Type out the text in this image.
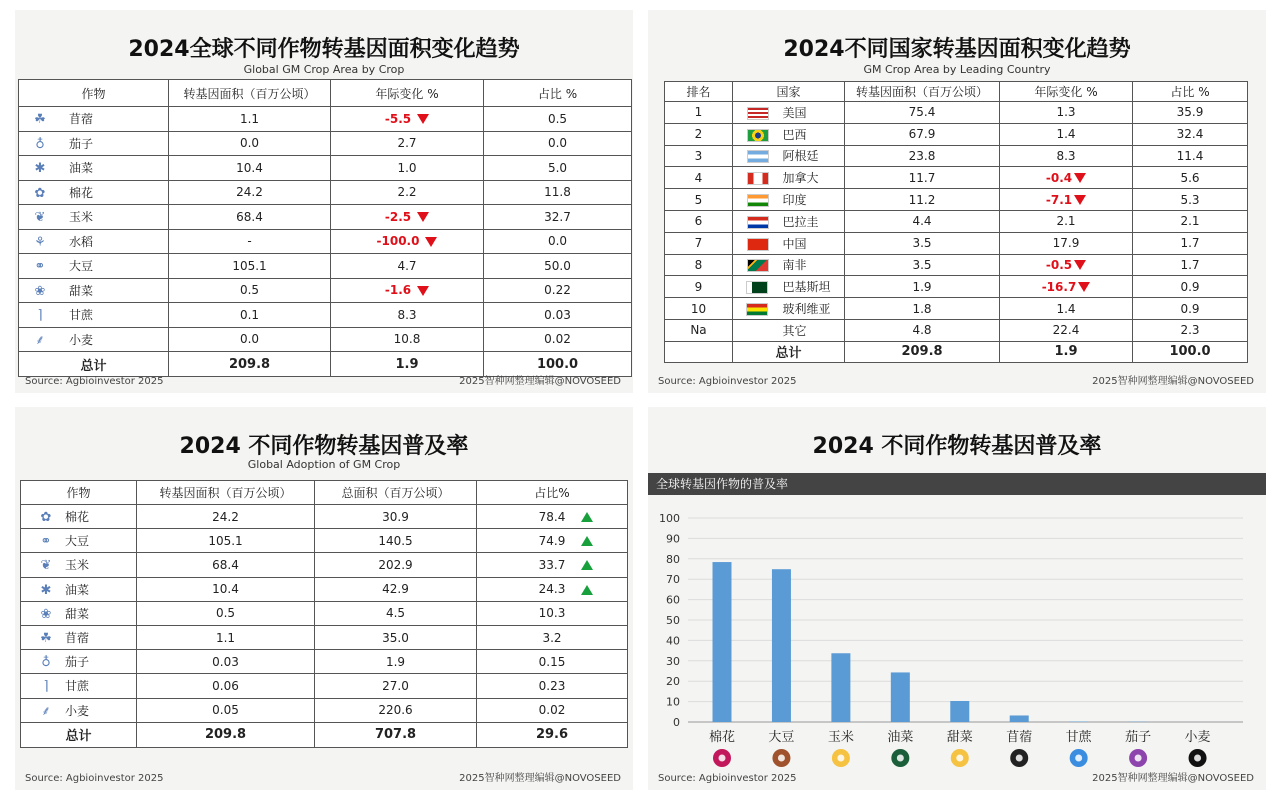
2024全球不同作物转基因面积变化趋势
Global GM Crop Area by Crop
作物	转基因面积（百万公顷）	年际变化 %	占比 %
☘ 苜蓿	1.1	-5.5	0.5
♁ 茄子	0.0	2.7	0.0
✱ 油菜	10.4	1.0	5.0
✿ 棉花	24.2	2.2	11.8
❦ 玉米	68.4	-2.5	32.7
⚘ 水稻	-	-100.0	0.0
⚭ 大豆	105.1	4.7	50.0
❀ 甜菜	0.5	-1.6	0.22
⌉ 甘蔗	0.1	8.3	0.03
⸙ 小麦	0.0	10.8	0.02
总计	209.8	1.9	100.0
Source: Agbioinvestor 2025	2025智种网整理编辑@NOVOSEED
2024不同国家转基因面积变化趋势
GM Crop Area by Leading Country
排名	国家	转基因面积（百万公顷）	年际变化 %	占比 %
1	美国	75.4	1.3	35.9
2	巴西	67.9	1.4	32.4
3	阿根廷	23.8	8.3	11.4
4	加拿大	11.7	-0.4	5.6
5	印度	11.2	-7.1	5.3
6	巴拉圭	4.4	2.1	2.1
7	中国	3.5	17.9	1.7
8	南非	3.5	-0.5	1.7
9	巴基斯坦	1.9	-16.7	0.9
10	玻利维亚	1.8	1.4	0.9
Na	其它	4.8	22.4	2.3
	总计	209.8	1.9	100.0
Source: Agbioinvestor 2025	2025智种网整理编辑@NOVOSEED
2024 不同作物转基因普及率
Global Adoption of GM Crop
作物	转基因面积（百万公顷）	总面积（百万公顷）	占比%
✿ 棉花	24.2	30.9	78.4

⚭ 大豆	105.1	140.5	74.9

❦ 玉米	68.4	202.9	33.7

✱ 油菜	10.4	42.9	24.3

❀ 甜菜	0.5	4.5	10.3
☘ 苜蓿	1.1	35.0	3.2
♁ 茄子	0.03	1.9	0.15
⌉ 甘蔗	0.06	27.0	0.23
⸙ 小麦	0.05	220.6	0.02
总计	209.8	707.8	29.6
Source: Agbioinvestor 2025	2025智种网整理编辑@NOVOSEED
2024 不同作物转基因普及率
全球转基因作物的普及率
0
10
20
30
40
50
60
70
80
90
100
棉花	大豆	玉米	油菜	甜菜	苜蓿	甘蔗	茄子	小麦
Source: Agbioinvestor 2025	2025智种网整理编辑@NOVOSEED
